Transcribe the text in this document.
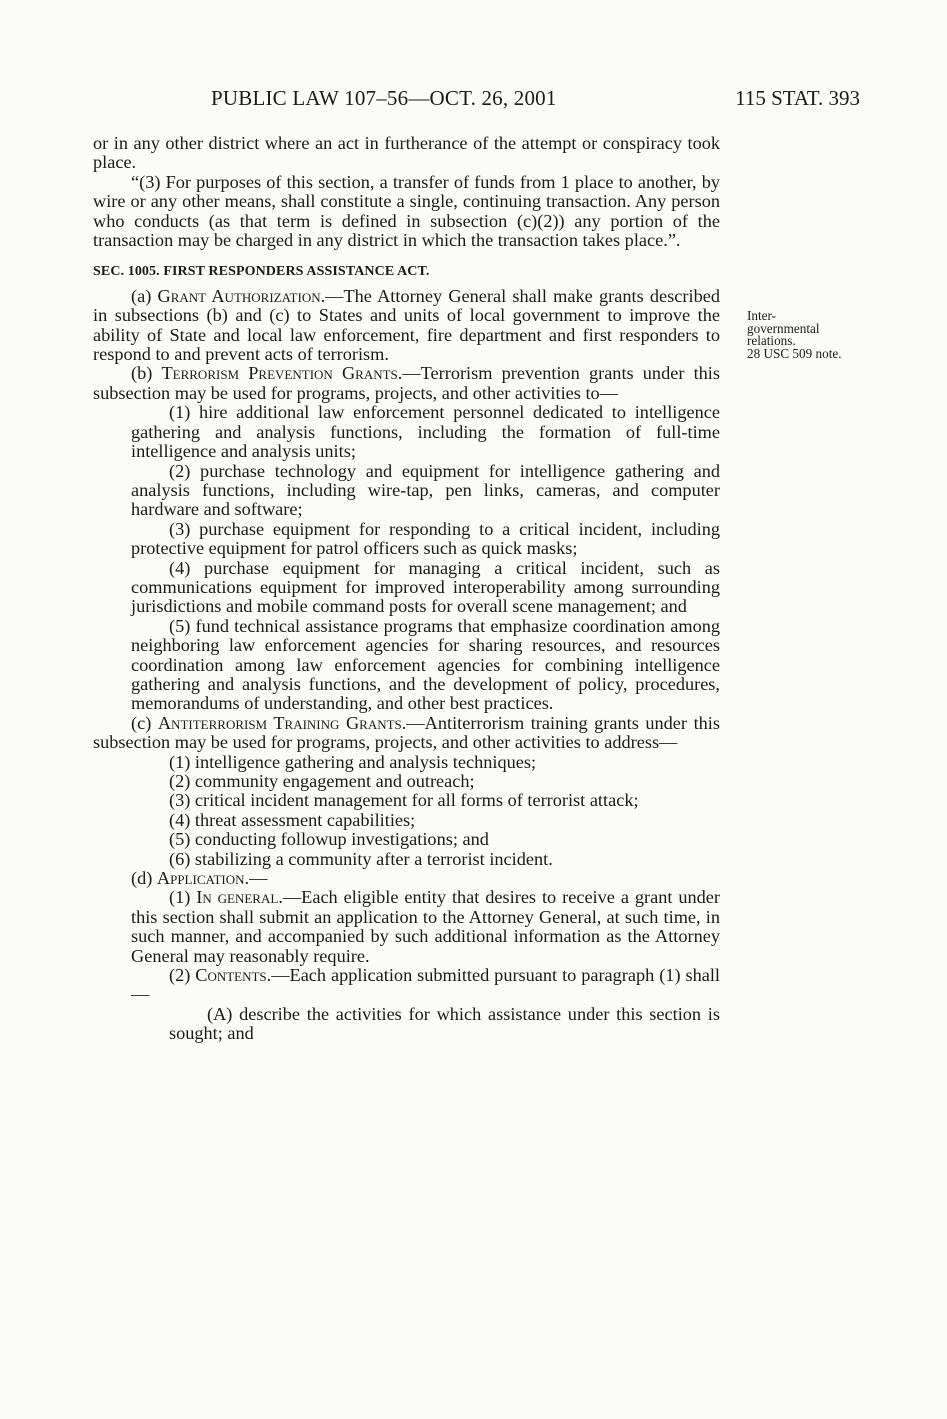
PUBLIC LAW 107–56—OCT. 26, 2001	115 STAT. 393
Inter-
governmental
relations.
28 USC 509 note.

or in any other district where an act in furtherance of the attempt or conspiracy took place.

“(3) For purposes of this section, a transfer of funds from 1 place to another, by wire or any other means, shall constitute a single, continuing transaction. Any person who conducts (as that term is defined in subsection (c)(2)) any portion of the transaction may be charged in any district in which the transaction takes place.”.

SEC. 1005. FIRST RESPONDERS ASSISTANCE ACT.

(a) Grant Authorization.—The Attorney General shall make grants described in subsections (b) and (c) to States and units of local government to improve the ability of State and local law enforcement, fire department and first responders to respond to and prevent acts of terrorism.

(b) Terrorism Prevention Grants.—Terrorism prevention grants under this subsection may be used for programs, projects, and other activities to—

(1) hire additional law enforcement personnel dedicated to intelligence gathering and analysis functions, including the formation of full-time intelligence and analysis units;

(2) purchase technology and equipment for intelligence gathering and analysis functions, including wire-tap, pen links, cameras, and computer hardware and software;

(3) purchase equipment for responding to a critical incident, including protective equipment for patrol officers such as quick masks;

(4) purchase equipment for managing a critical incident, such as communications equipment for improved interoperability among surrounding jurisdictions and mobile command posts for overall scene management; and

(5) fund technical assistance programs that emphasize coordination among neighboring law enforcement agencies for sharing resources, and resources coordination among law enforcement agencies for combining intelligence gathering and analysis functions, and the development of policy, procedures, memorandums of understanding, and other best practices.

(c) Antiterrorism Training Grants.—Antiterrorism training grants under this subsection may be used for programs, projects, and other activities to address—

(1) intelligence gathering and analysis techniques;

(2) community engagement and outreach;

(3) critical incident management for all forms of terrorist attack;

(4) threat assessment capabilities;

(5) conducting followup investigations; and

(6) stabilizing a community after a terrorist incident.

(d) Application.—

(1) In general.—Each eligible entity that desires to receive a grant under this section shall submit an application to the Attorney General, at such time, in such manner, and accompanied by such additional information as the Attorney General may reasonably require.

(2) Contents.—Each application submitted pursuant to paragraph (1) shall—

(A) describe the activities for which assistance under this section is sought; and
